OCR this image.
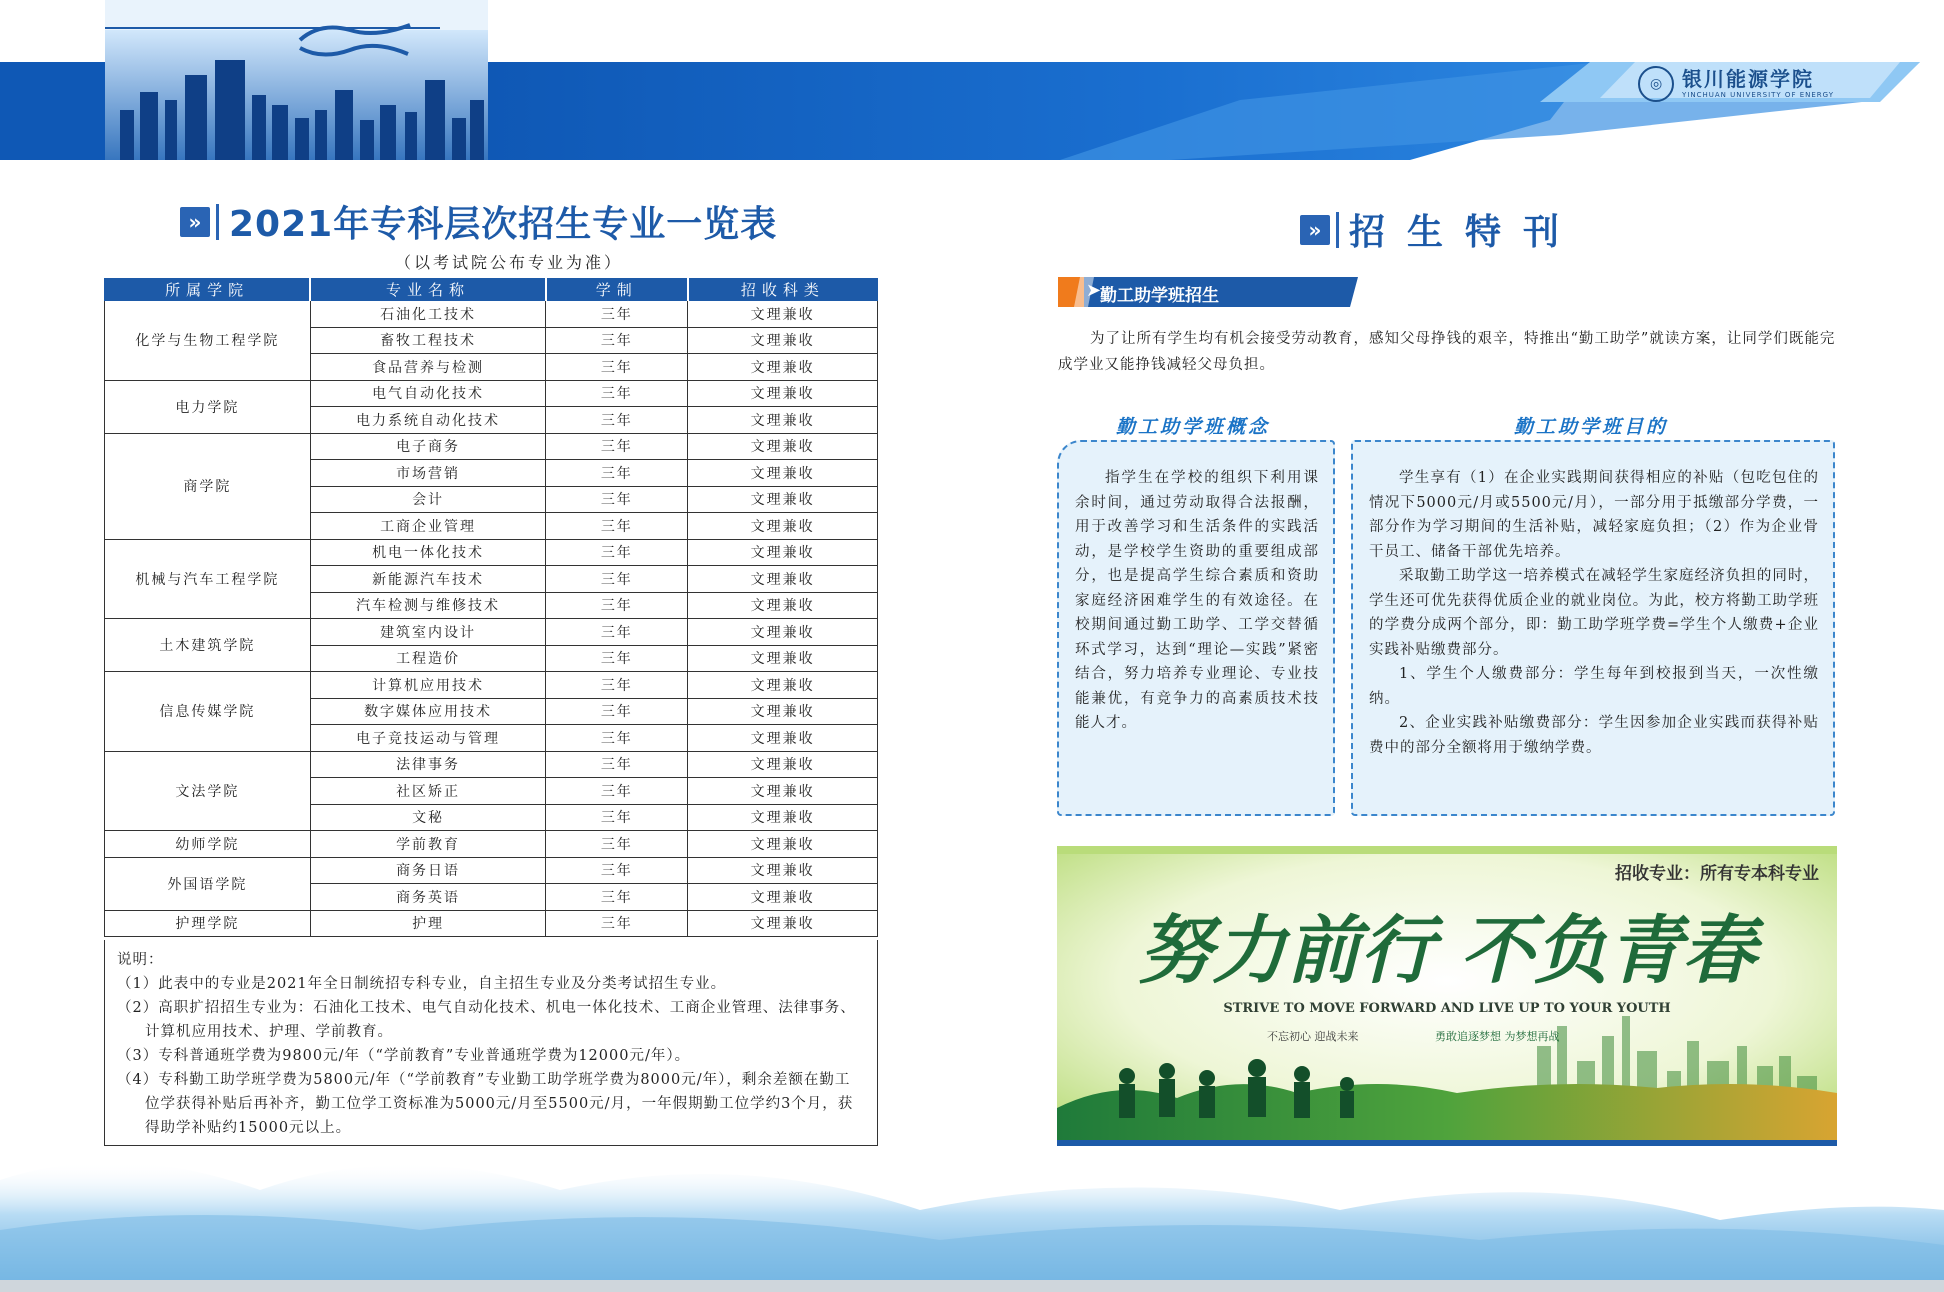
◎ 银川能源学院
YINCHUAN UNIVERSITY OF ENERGY
» 2021年专科层次招生专业一览表
（以考试院公布专业为准）
所属学院	专业名称	学制	招收科类
化学与生物工程学院	石油化工技术	三年	文理兼收
	畜牧工程技术	三年	文理兼收
	食品营养与检测	三年	文理兼收
电力学院	电气自动化技术	三年	文理兼收
	电力系统自动化技术	三年	文理兼收
商学院	电子商务	三年	文理兼收
	市场营销	三年	文理兼收
	会计	三年	文理兼收
	工商企业管理	三年	文理兼收
机械与汽车工程学院	机电一体化技术	三年	文理兼收
	新能源汽车技术	三年	文理兼收
	汽车检测与维修技术	三年	文理兼收
土木建筑学院	建筑室内设计	三年	文理兼收
	工程造价	三年	文理兼收
信息传媒学院	计算机应用技术	三年	文理兼收
	数字媒体应用技术	三年	文理兼收
	电子竞技运动与管理	三年	文理兼收
文法学院	法律事务	三年	文理兼收
	社区矫正	三年	文理兼收
	文秘	三年	文理兼收
幼师学院	学前教育	三年	文理兼收
外国语学院	商务日语	三年	文理兼收
	商务英语	三年	文理兼收
护理学院	护理	三年	文理兼收
说明：
（1）此表中的专业是2021年全日制统招专科专业，自主招生专业及分类考试招生专业。
（2）高职扩招招生专业为：石油化工技术、电气自动化技术、机电一体化技术、工商企业管理、法律事务、计算机应用技术、护理、学前教育。
（3）专科普通班学费为9800元/年（“学前教育”专业普通班学费为12000元/年）。
（4）专科勤工助学班学费为5800元/年（“学前教育”专业勤工助学班学费为8000元/年），剩余差额在勤工位学获得补贴后再补齐，勤工位学工资标准为5000元/月至5500元/月，一年假期勤工位学约3个月，获得助学补贴约15000元以上。
» 招生特刊
➤
勤工助学班招生
为了让所有学生均有机会接受劳动教育，感知父母挣钱的艰辛，特推出“勤工助学”就读方案，让同学们既能完成学业又能挣钱减轻父母负担。
勤工助学班概念	勤工助学班目的
指学生在学校的组织下利用课余时间，通过劳动取得合法报酬，用于改善学习和生活条件的实践活动，是学校学生资助的重要组成部分，也是提高学生综合素质和资助家庭经济困难学生的有效途径。在校期间通过勤工助学、工学交替循环式学习，达到“理论—实践”紧密结合，努力培养专业理论、专业技能兼优，有竞争力的高素质技术技能人才。

学生享有（1）在企业实践期间获得相应的补贴（包吃包住的情况下5000元/月或5500元/月），一部分用于抵缴部分学费，一部分作为学习期间的生活补贴，减轻家庭负担；（2）作为企业骨干员工、储备干部优先培养。

采取勤工助学这一培养模式在减轻学生家庭经济负担的同时，学生还可优先获得优质企业的就业岗位。为此，校方将勤工助学班的学费分成两个部分，即：勤工助学班学费=学生个人缴费+企业实践补贴缴费部分。

1、学生个人缴费部分：学生每年到校报到当天，一次性缴纳。

2、企业实践补贴缴费部分：学生因参加企业实践而获得补贴费中的部分全额将用于缴纳学费。

招收专业：所有专本科专业
努力前行 不负青春
STRIVE TO MOVE FORWARD AND LIVE UP TO YOUR YOUTH
不忘初心 迎战未来	勇敢追逐梦想 为梦想再战
